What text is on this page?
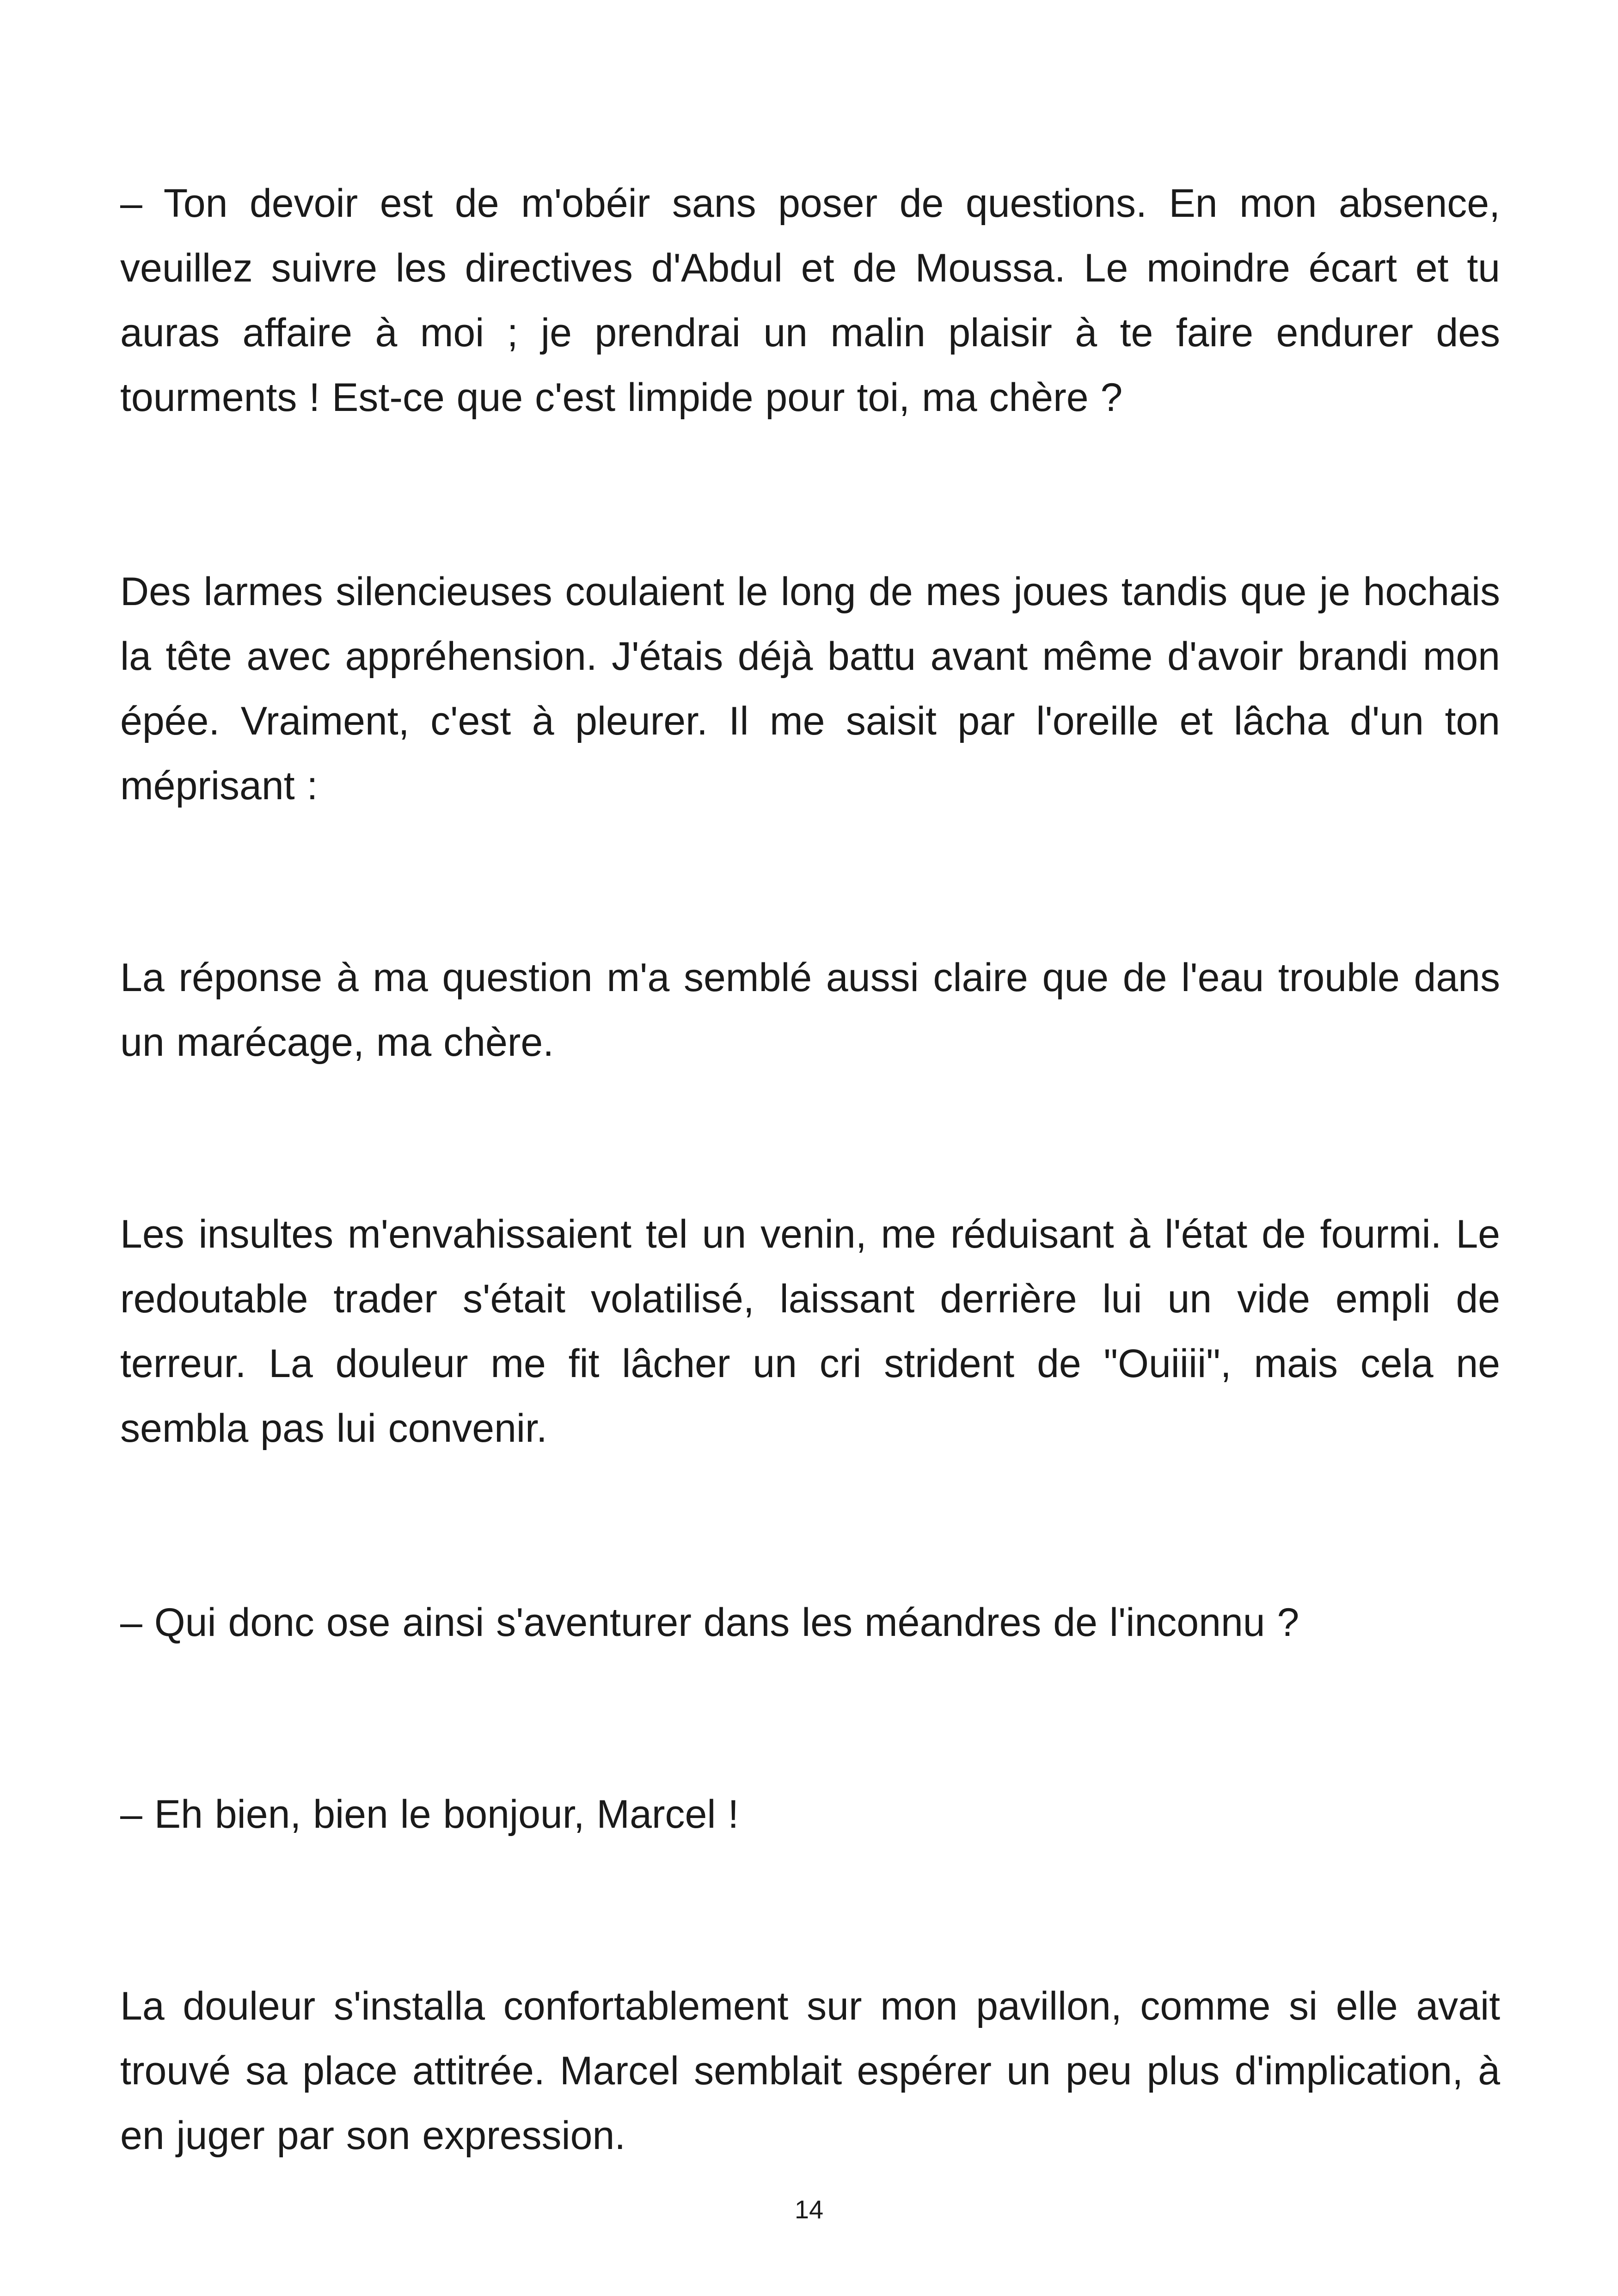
– Ton devoir est de m'obéir sans poser de questions. En mon absence, veuillez suivre les directives d'Abdul et de Moussa. Le moindre écart et tu auras affaire à moi ; je prendrai un malin plaisir à te faire endurer des tourments ! Est-ce que c'est limpide pour toi, ma chère ?

Des larmes silencieuses coulaient le long de mes joues tandis que je hochais la tête avec appréhension. J'étais déjà battu avant même d'avoir brandi mon épée. Vraiment, c'est à pleurer. Il me saisit par l'oreille et lâcha d'un ton méprisant :

La réponse à ma question m'a semblé aussi claire que de l'eau trouble dans un marécage, ma chère.

Les insultes m'envahissaient tel un venin, me réduisant à l'état de fourmi. Le redoutable trader s'était volatilisé, laissant derrière lui un vide empli de terreur. La douleur me fit lâcher un cri strident de "Ouiiii", mais cela ne sembla pas lui convenir.

– Qui donc ose ainsi s'aventurer dans les méandres de l'inconnu ?

– Eh bien, bien le bonjour, Marcel !

La douleur s'installa confortablement sur mon pavillon, comme si elle avait trouvé sa place attitrée. Marcel semblait espérer un peu plus d'implication, à en juger par son expression.

14
